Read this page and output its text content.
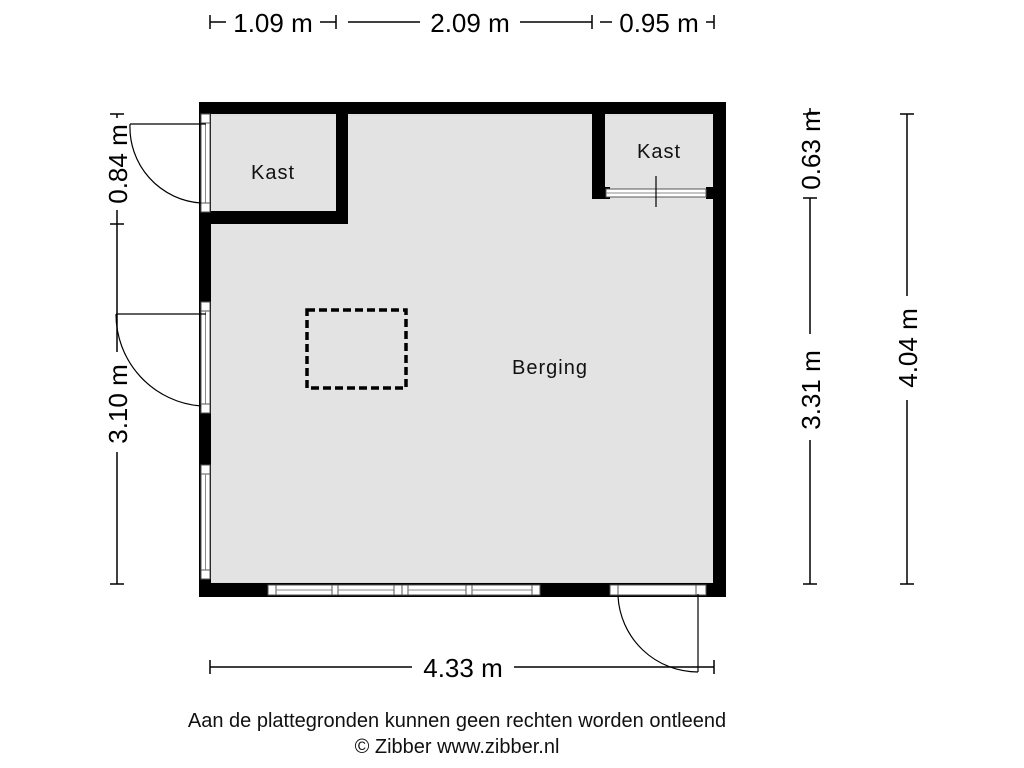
Kast
Kast
Berging
1.09 m	2.09 m	0.95 m
4.33 m
0.84 m
3.10 m
0.63 m
3.31 m
4.04 m
Aan de plattegronden kunnen geen rechten worden ontleend
© Zibber www.zibber.nl
